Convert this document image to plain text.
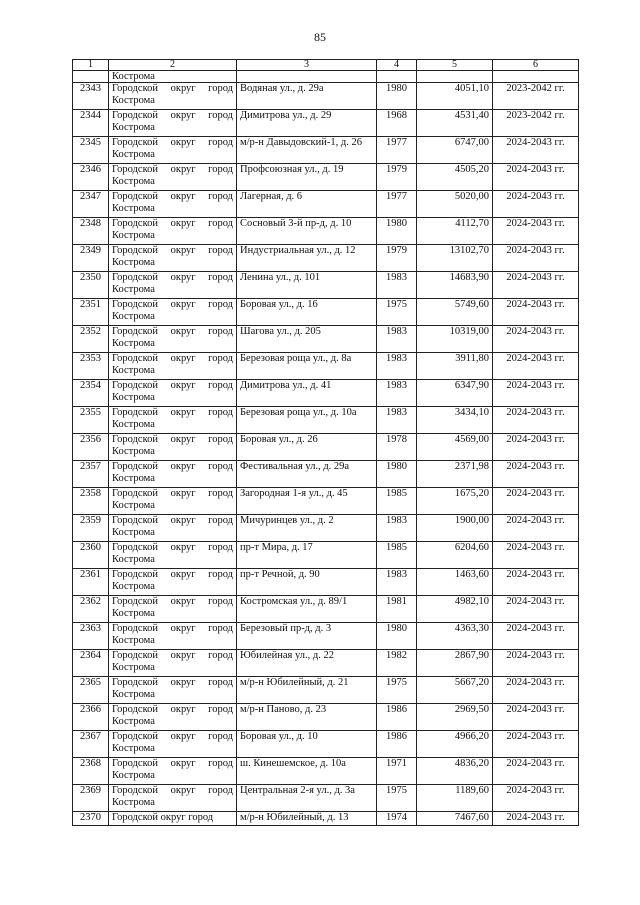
85
1	2	3	4	5	6
	Кострома				
2343	Городской округ город Кострома	Водяная ул., д. 29а	1980	4051,10	2023-2042 гг.
2344	Городской округ город Кострома	Димитрова ул., д. 29	1968	4531,40	2023-2042 гг.
2345	Городской округ город Кострома	м/р-н Давыдовский-1, д. 26	1977	6747,00	2024-2043 гг.
2346	Городской округ город Кострома	Профсоюзная ул., д. 19	1979	4505,20	2024-2043 гг.
2347	Городской округ город Кострома	Лагерная, д. 6	1977	5020,00	2024-2043 гг.
2348	Городской округ город Кострома	Сосновый 3-й пр-д, д. 10	1980	4112,70	2024-2043 гг.
2349	Городской округ город Кострома	Индустриальная ул., д. 12	1979	13102,70	2024-2043 гг.
2350	Городской округ город Кострома	Ленина ул., д. 101	1983	14683,90	2024-2043 гг.
2351	Городской округ город Кострома	Боровая ул., д. 16	1975	5749,60	2024-2043 гг.
2352	Городской округ город Кострома	Шагова ул., д. 205	1983	10319,00	2024-2043 гг.
2353	Городской округ город Кострома	Березовая роща ул., д. 8а	1983	3911,80	2024-2043 гг.
2354	Городской округ город Кострома	Димитрова ул., д. 41	1983	6347,90	2024-2043 гг.
2355	Городской округ город Кострома	Березовая роща ул., д. 10а	1983	3434,10	2024-2043 гг.
2356	Городской округ город Кострома	Боровая ул., д. 26	1978	4569,00	2024-2043 гг.
2357	Городской округ город Кострома	Фестивальная ул., д. 29а	1980	2371,98	2024-2043 гг.
2358	Городской округ город Кострома	Загородная 1-я ул., д. 45	1985	1675,20	2024-2043 гг.
2359	Городской округ город Кострома	Мичуринцев ул., д. 2	1983	1900,00	2024-2043 гг.
2360	Городской округ город Кострома	пр-т Мира, д. 17	1985	6204,60	2024-2043 гг.
2361	Городской округ город Кострома	пр-т Речной, д. 90	1983	1463,60	2024-2043 гг.
2362	Городской округ город Кострома	Костромская ул., д. 89/1	1981	4982,10	2024-2043 гг.
2363	Городской округ город Кострома	Березовый пр-д, д. 3	1980	4363,30	2024-2043 гг.
2364	Городской округ город Кострома	Юбилейная ул., д. 22	1982	2867,90	2024-2043 гг.
2365	Городской округ город Кострома	м/р-н Юбилейный, д. 21	1975	5667,20	2024-2043 гг.
2366	Городской округ город Кострома	м/р-н Паново, д. 23	1986	2969,50	2024-2043 гг.
2367	Городской округ город Кострома	Боровая ул., д. 10	1986	4966,20	2024-2043 гг.
2368	Городской округ город Кострома	ш. Кинешемское, д. 10а	1971	4836,20	2024-2043 гг.
2369	Городской округ город Кострома	Центральная 2-я ул., д. 3а	1975	1189,60	2024-2043 гг.
2370	Городской округ город	м/р-н Юбилейный, д. 13	1974	7467,60	2024-2043 гг.
